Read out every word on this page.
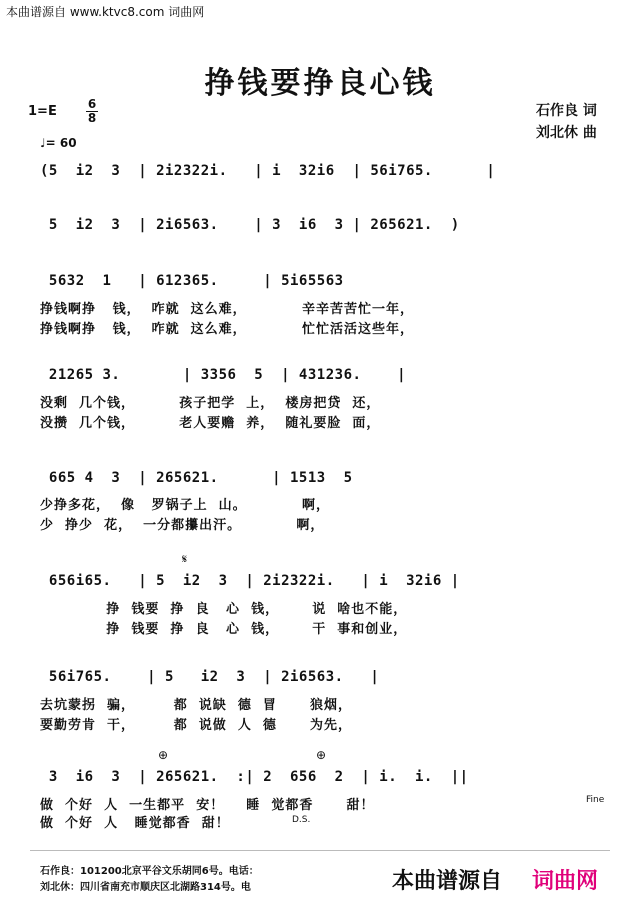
本曲谱源自 www.ktvc8.com 词曲网
挣钱要挣良心钱
1=E	6
8
♩= 60
石作良 词
刘北休 曲
(5  i2  3  | 2i2322i.   | i  32i6  | 56i765.      |
5  i2  3  | 2i6563.    | 3  i6  3 | 265621.  )
5632  1   | 612365.     | 5i65563
挣钱啊挣   钱，  咋就  这么难，          辛辛苦苦忙一年，
挣钱啊挣   钱，  咋就  这么难，          忙忙活活这些年，
21265 3.       | 3356  5  | 431236.    |
没剩  几个钱，        孩子把学  上，  楼房把贷  还，
没攒  几个钱，        老人要赡  养，  随礼要脸  面，
665 4  3  | 265621.      | 1513  5
少挣多花，  像   罗锅子上  山。          啊，
少  挣少  花，  一分都攥出汗。          啊，
𝄋
656i65.   | 5  i2  3  | 2i2322i.   | i  32i6 |
挣  钱要  挣  良   心  钱，      说  啥也不能，
挣  钱要  挣  良   心  钱，      干  事和创业，
56i765.    | 5   i2  3  | 2i6563.   |
去坑蒙拐  骗，       都  说缺  德  冒      狼烟，
要勤劳肯  干，       都  说做  人  德      为先，
⊕	⊕
3  i6  3  | 265621.  :| 2  656  2  | i.  i.  ||
做  个好  人  一生都平  安！    睡  觉都香      甜！
做  个好  人   睡觉都香  甜！
Fine
D.S.
石作良：101200北京平谷文乐胡同6号。电话：
刘北休：四川省南充市顺庆区北湖路314号。电	本曲谱源自 词曲网
